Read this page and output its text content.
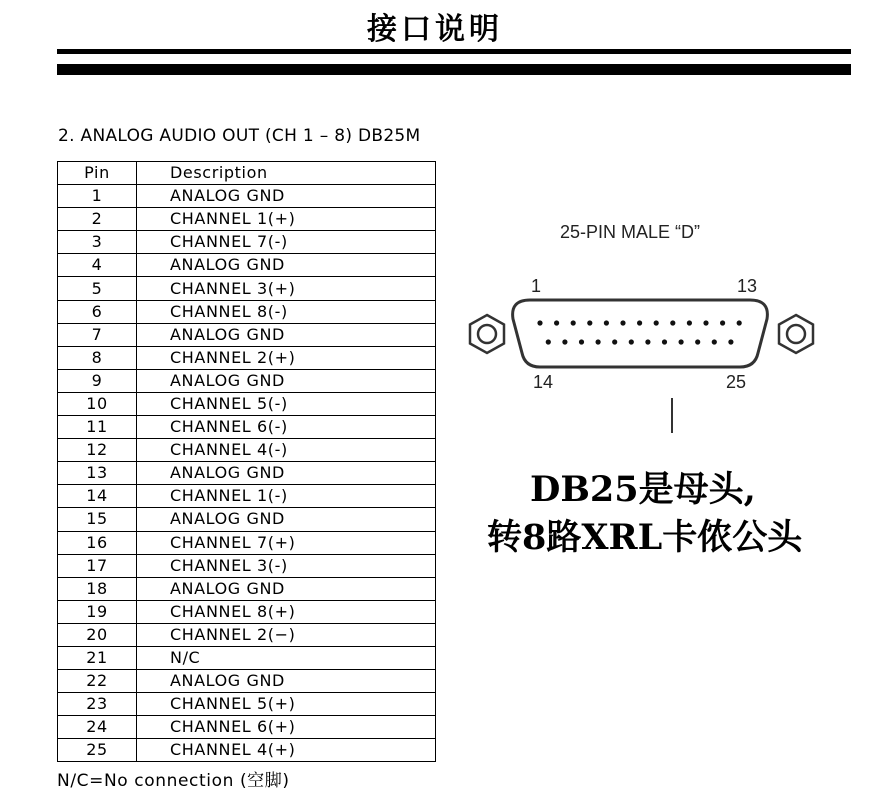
接口说明
2. ANALOG AUDIO OUT (CH 1 – 8) DB25M
Pin	Description
1	ANALOG GND
2	CHANNEL 1(+)
3	CHANNEL 7(-)
4	ANALOG GND
5	CHANNEL 3(+)
6	CHANNEL 8(-)
7	ANALOG GND
8	CHANNEL 2(+)
9	ANALOG GND
10	CHANNEL 5(-)
11	CHANNEL 6(-)
12	CHANNEL 4(-)
13	ANALOG GND
14	CHANNEL 1(-)
15	ANALOG GND
16	CHANNEL 7(+)
17	CHANNEL 3(-)
18	ANALOG GND
19	CHANNEL 8(+)
20	CHANNEL 2(−)
21	N/C
22	ANALOG GND
23	CHANNEL 5(+)
24	CHANNEL 6(+)
25	CHANNEL 4(+)
N/C=No connection (空脚)
25-PIN MALE “D”
1	13
14	25
DB25是母头,
转8路XRL卡侬公头
